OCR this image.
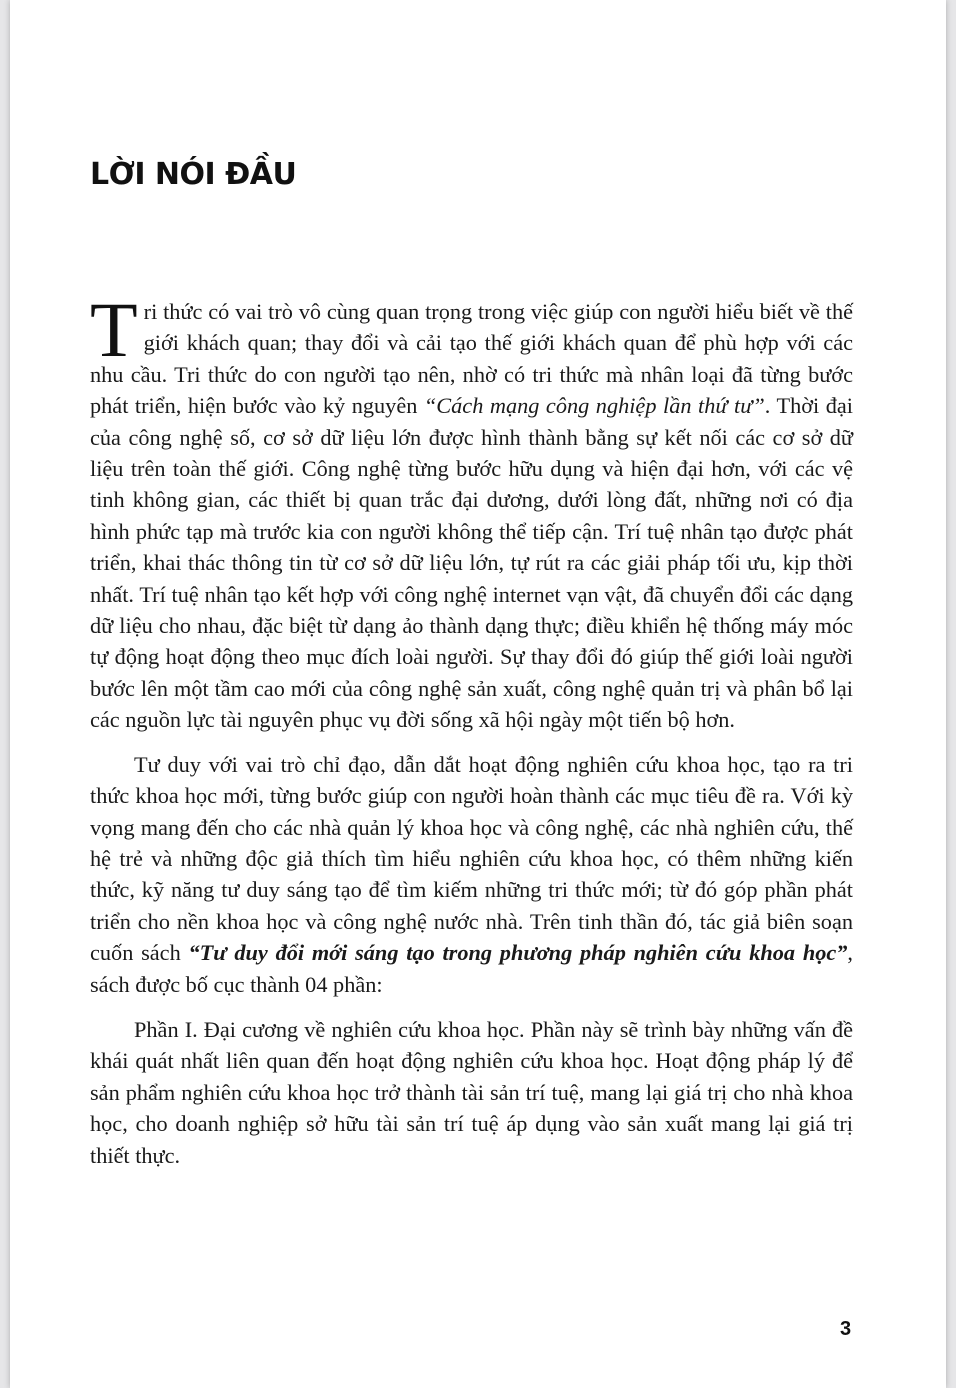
LỜI NÓI ĐẦU

Tri thức có vai trò vô cùng quan trọng trong việc giúp con người hiểu biết về thế giới khách quan; thay đổi và cải tạo thế giới khách quan để phù hợp với các nhu cầu. Tri thức do con người tạo nên, nhờ có tri thức mà nhân loại đã từng bước phát triển, hiện bước vào kỷ nguyên “Cách mạng công nghiệp lần thứ tư”. Thời đại của công nghệ số, cơ sở dữ liệu lớn được hình thành bằng sự kết nối các cơ sở dữ liệu trên toàn thế giới. Công nghệ từng bước hữu dụng và hiện đại hơn, với các vệ tinh không gian, các thiết bị quan trắc đại dương, dưới lòng đất, những nơi có địa hình phức tạp mà trước kia con người không thể tiếp cận. Trí tuệ nhân tạo được phát triển, khai thác thông tin từ cơ sở dữ liệu lớn, tự rút ra các giải pháp tối ưu, kịp thời nhất. Trí tuệ nhân tạo kết hợp với công nghệ internet vạn vật, đã chuyển đổi các dạng dữ liệu cho nhau, đặc biệt từ dạng ảo thành dạng thực; điều khiển hệ thống máy móc tự động hoạt động theo mục đích loài người. Sự thay đổi đó giúp thế giới loài người bước lên một tầm cao mới của công nghệ sản xuất, công nghệ quản trị và phân bổ lại các nguồn lực tài nguyên phục vụ đời sống xã hội ngày một tiến bộ hơn.

Tư duy với vai trò chỉ đạo, dẫn dắt hoạt động nghiên cứu khoa học, tạo ra tri thức khoa học mới, từng bước giúp con người hoàn thành các mục tiêu đề ra. Với kỳ vọng mang đến cho các nhà quản lý khoa học và công nghệ, các nhà nghiên cứu, thế hệ trẻ và những độc giả thích tìm hiểu nghiên cứu khoa học, có thêm những kiến thức, kỹ năng tư duy sáng tạo để tìm kiếm những tri thức mới; từ đó góp phần phát triển cho nền khoa học và công nghệ nước nhà. Trên tinh thần đó, tác giả biên soạn cuốn sách “Tư duy đổi mới sáng tạo trong phương pháp nghiên cứu khoa học”, sách được bố cục thành 04 phần:

Phần I. Đại cương về nghiên cứu khoa học. Phần này sẽ trình bày những vấn đề khái quát nhất liên quan đến hoạt động nghiên cứu khoa học. Hoạt động pháp lý để sản phẩm nghiên cứu khoa học trở thành tài sản trí tuệ, mang lại giá trị cho nhà khoa học, cho doanh nghiệp sở hữu tài sản trí tuệ áp dụng vào sản xuất mang lại giá trị thiết thực.

3
